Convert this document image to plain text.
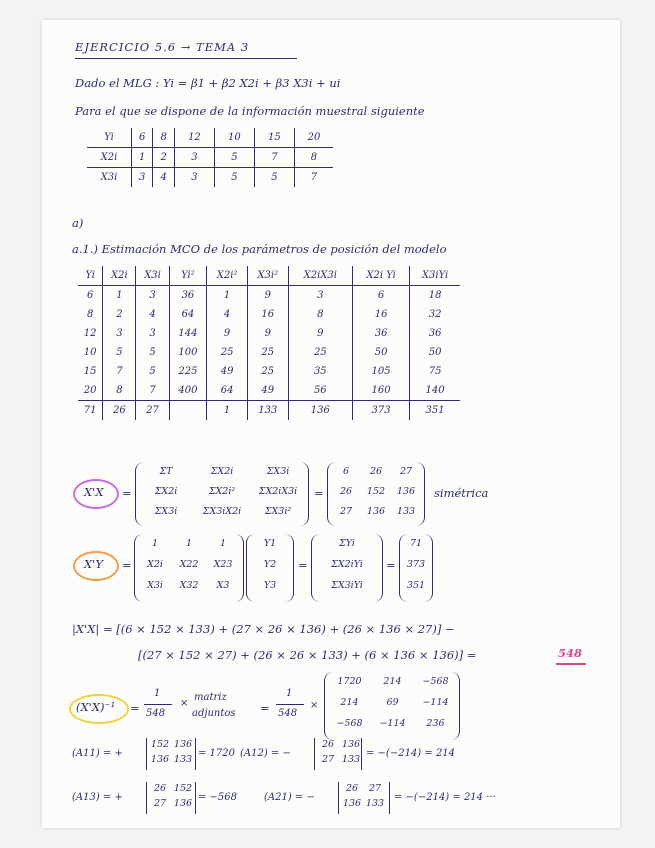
EJERCICIO 5.6 → TEMA 3
Dado el MLG : Yi = β1 + β2 X2i + β3 X3i + ui
Para el que se dispone de la información muestral siguiente
Yi	6	8	12	10	15	20
X2i	1	2	3	5	7	8
X3i	3	4	3	5	5	7
a)
a.1.) Estimación MCO de los parámetros de posición del modelo
Yi	X2i	X3i	Yi²	X2i²	X3i²	X2iX3i	X2i Yi	X3iYi
6	1	3	36	1	9	3	6	18
8	2	4	64	4	16	8	16	32
12	3	3	144	9	9	9	36	36
10	5	5	100	25	25	25	50	50
15	7	5	225	49	25	35	105	75
20	8	7	400	64	49	56	160	140
71	26	27		1	133	136	373	351
X'X =
ΣT	ΣX2i	ΣX3i
ΣX2i	ΣX2i²	ΣX2iX3i
ΣX3i	ΣX3iX2i	ΣX3i²
=
6	26	27
26	152	136
27	136	133
simétrica
X'Y =
1	1	1
X2i	X22	X23
X3i	X32	X3
Y1
Y2
Y3
=
ΣYi
ΣX2iYi
ΣX3iYi
=
71
373
351
|X'X| = [(6 × 152 × 133) + (27 × 26 × 136) + (26 × 136 × 27)] −
[(27 × 152 × 27) + (26 × 26 × 133) + (6 × 136 × 136)] =	548
(X'X)⁻¹ =
1
548
×
matriz
adjuntos =
1
548
×
1720	214	−568
214	69	−114
−568	−114	236
(A11) = +
152 136
136 133
= 1720 (A12) = −
26 136
27 133
= −(−214) = 214
(A13) = +
26 152
27 136
= −568	(A21) = −
26	27
136 133
= −(−214) = 214 ···
